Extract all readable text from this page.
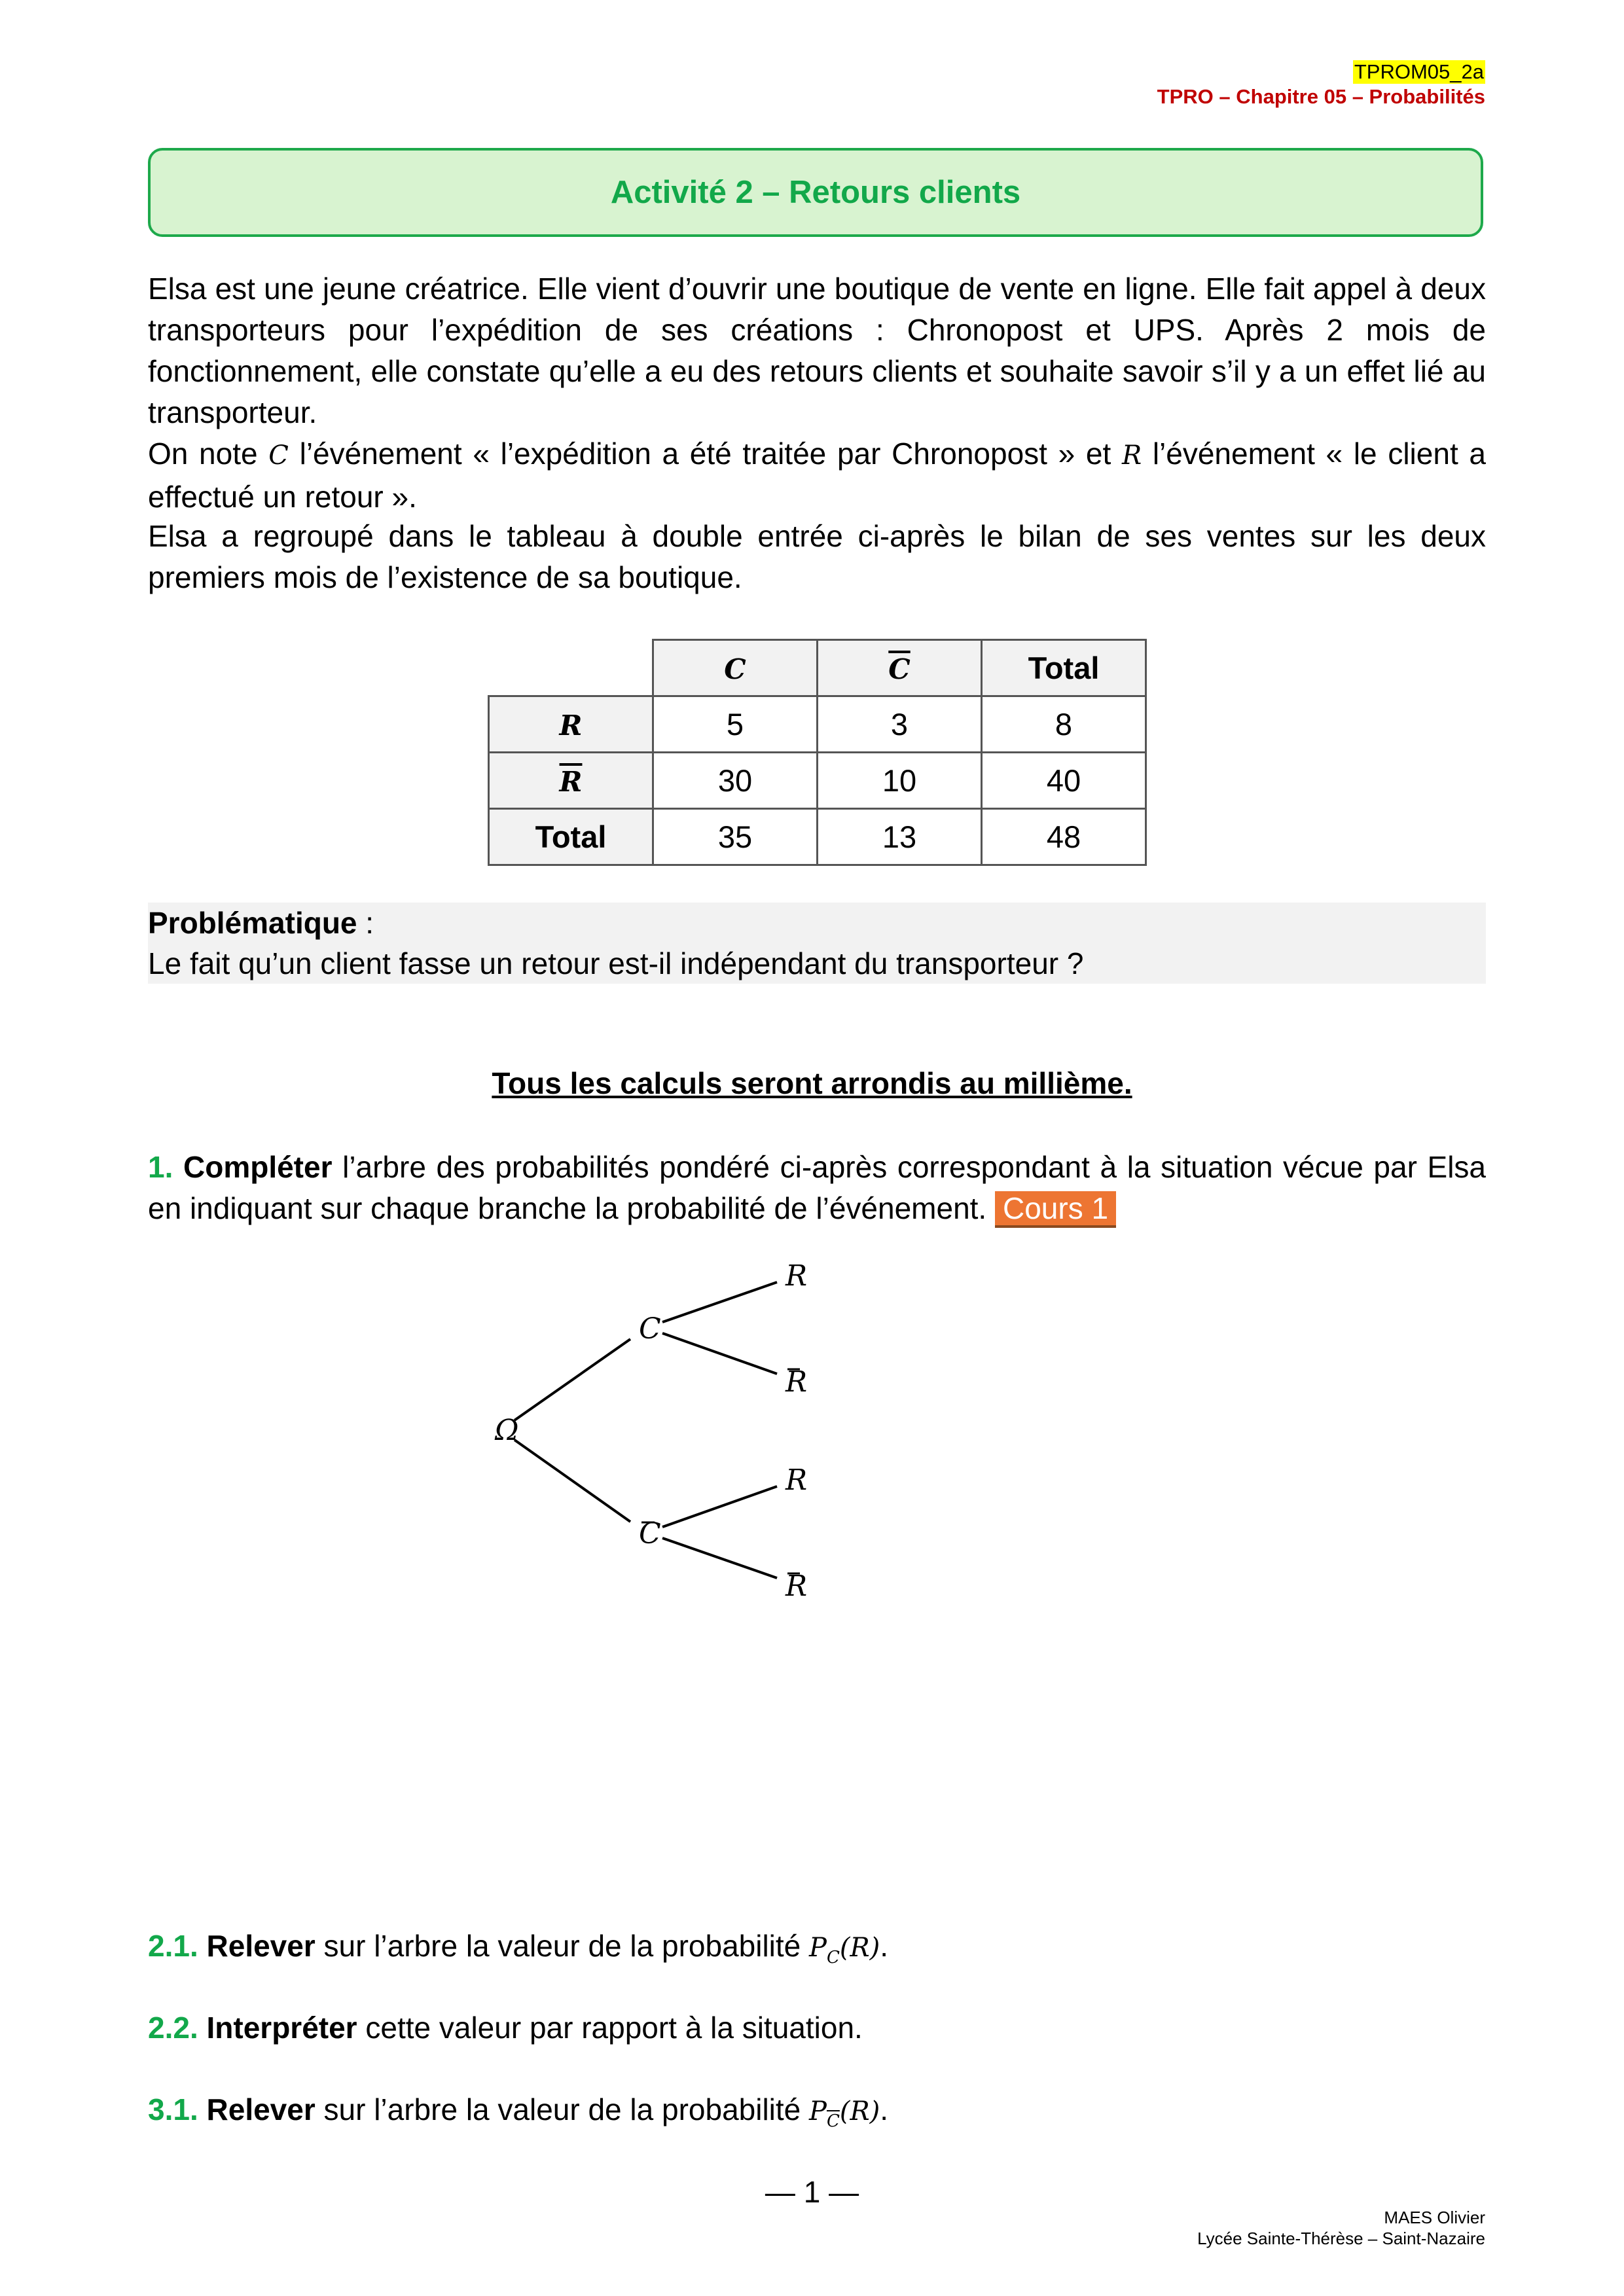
TPROM05_2a
TPRO – Chapitre 05 – Probabilités
Activité 2 – Retours clients
Elsa est une jeune créatrice. Elle vient d’ouvrir une boutique de vente en ligne. Elle fait appel à deux transporteurs pour l’expédition de ses créations : Chronopost et UPS. Après 2 mois de fonctionnement, elle constate qu’elle a eu des retours clients et souhaite savoir s’il y a un effet lié au transporteur.
On note C l’événement « l’expédition a été traitée par Chronopost » et R l’événement « le client a effectué un retour ».
Elsa a regroupé dans le tableau à double entrée ci-après le bilan de ses ventes sur les deux premiers mois de l’existence de sa boutique.
	C	$\overline{C}$	Total
R	5	3	8
$\overline{R}$	30	10	40
Total	35	13	48
Problématique :
Le fait qu’un client fasse un retour est-il indépendant du transporteur ?
Tous les calculs seront arrondis au millième.
1. Compléter l’arbre des probabilités pondéré ci-après correspondant à la situation vécue par Elsa en indiquant sur chaque branche la probabilité de l’événement. Cours 1
Ω
C
C
R
R
R
R
2.1. Relever sur l’arbre la valeur de la probabilité $P_C(R)$.
2.2. Interpréter cette valeur par rapport à la situation.
3.1. Relever sur l’arbre la valeur de la probabilité $P_{\overline{C}}(R)$.
— 1 —
MAES Olivier
Lycée Sainte-Thérèse – Saint-Nazaire
